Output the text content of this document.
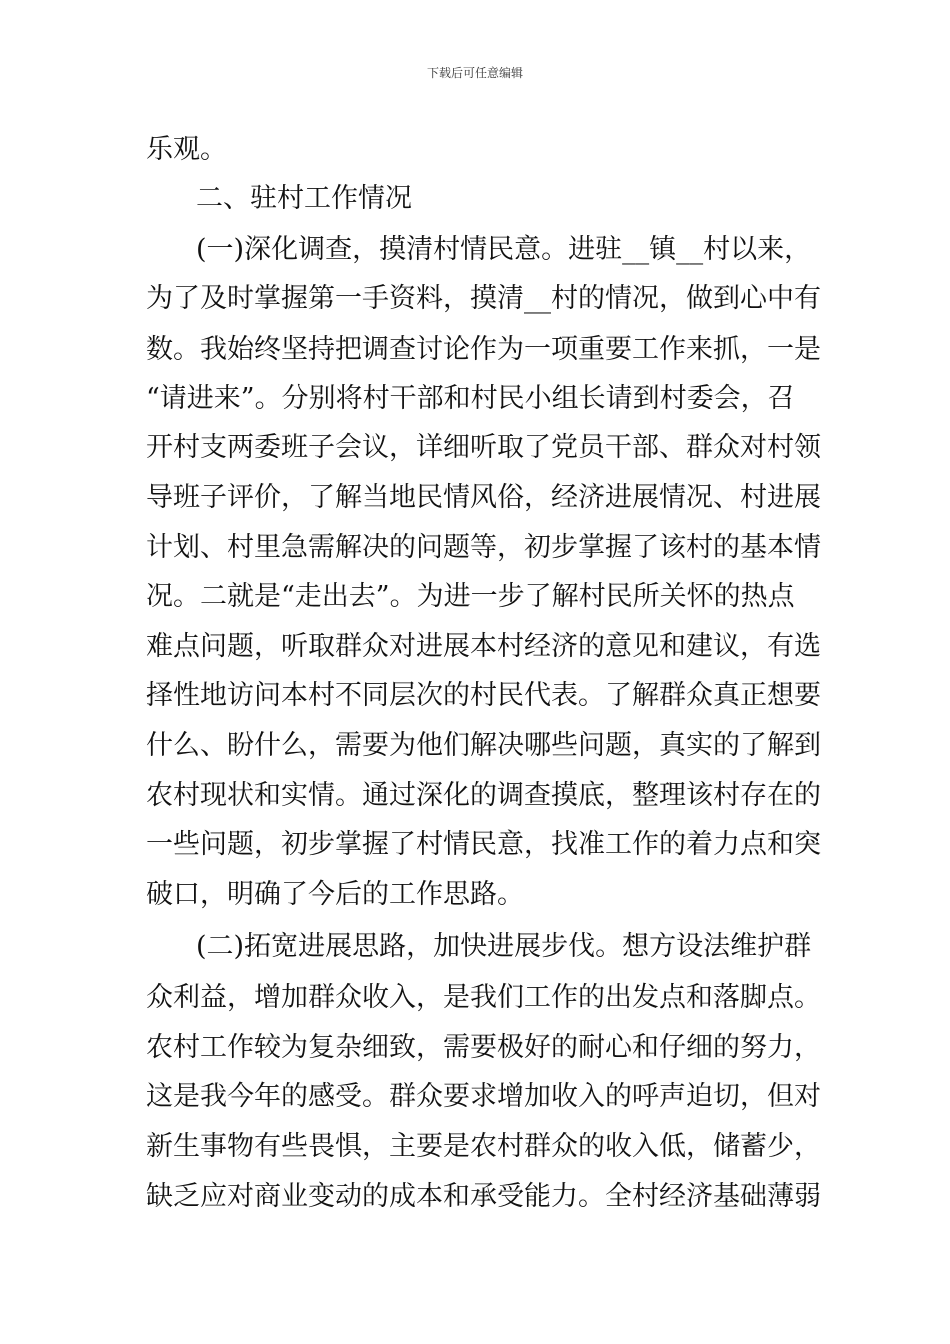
下载后可任意编辑
乐观。
二、驻村工作情况
(一)深化调查，摸清村情民意。进驻__镇__村以来，
为了及时掌握第一手资料，摸清__村的情况，做到心中有
数。我始终坚持把调查讨论作为一项重要工作来抓，一是
“请进来”。分别将村干部和村民小组长请到村委会，召
开村支两委班子会议，详细听取了党员干部、群众对村领
导班子评价，了解当地民情风俗，经济进展情况、村进展
计划、村里急需解决的问题等，初步掌握了该村的基本情
况。二就是“走出去”。为进一步了解村民所关怀的热点
难点问题，听取群众对进展本村经济的意见和建议，有选
择性地访问本村不同层次的村民代表。了解群众真正想要
什么、盼什么，需要为他们解决哪些问题，真实的了解到
农村现状和实情。通过深化的调查摸底，整理该村存在的
一些问题，初步掌握了村情民意，找准工作的着力点和突
破口，明确了今后的工作思路。
(二)拓宽进展思路，加快进展步伐。想方设法维护群
众利益，增加群众收入，是我们工作的出发点和落脚点。
农村工作较为复杂细致，需要极好的耐心和仔细的努力，
这是我今年的感受。群众要求增加收入的呼声迫切，但对
新生事物有些畏惧，主要是农村群众的收入低，储蓄少，
缺乏应对商业变动的成本和承受能力。全村经济基础薄弱
